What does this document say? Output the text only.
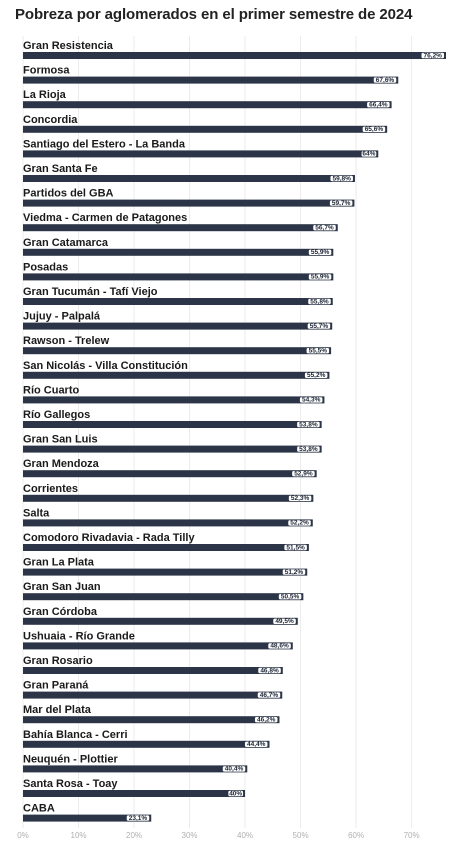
Pobreza por aglomerados en el primer semestre de 2024
Gran Resistencia
76,2%
Formosa
67,6%
La Rioja
66,4%
Concordia
65,6%
Santiago del Estero - La Banda
64%
Gran Santa Fe
59,8%
Partidos del GBA
59,7%
Viedma - Carmen de Patagones
56,7%
Gran Catamarca
55,9%
Posadas
55,9%
Gran Tucumán - Tafí Viejo
55,8%
Jujuy - Palpalá
55,7%
Rawson - Trelew
55,5%
San Nicolás - Villa Constitución
55,2%
Río Cuarto
54,3%
Río Gallegos
53,8%
Gran San Luis
53,8%
Gran Mendoza
52,9%
Corrientes
52,3%
Salta
52,2%
Comodoro Rivadavia - Rada Tilly
51,5%
Gran La Plata
51,2%
Gran San Juan
50,5%
Gran Córdoba
49,5%
Ushuaia - Río Grande
48,6%
Gran Rosario
46,8%
Gran Paraná
46,7%
Mar del Plata
46,2%
Bahía Blanca - Cerri
44,4%
Neuquén - Plottier
40,4%
Santa Rosa - Toay
40%
CABA
23,1%
0%	10%	20%	30%	40%	50%	60%	70%
